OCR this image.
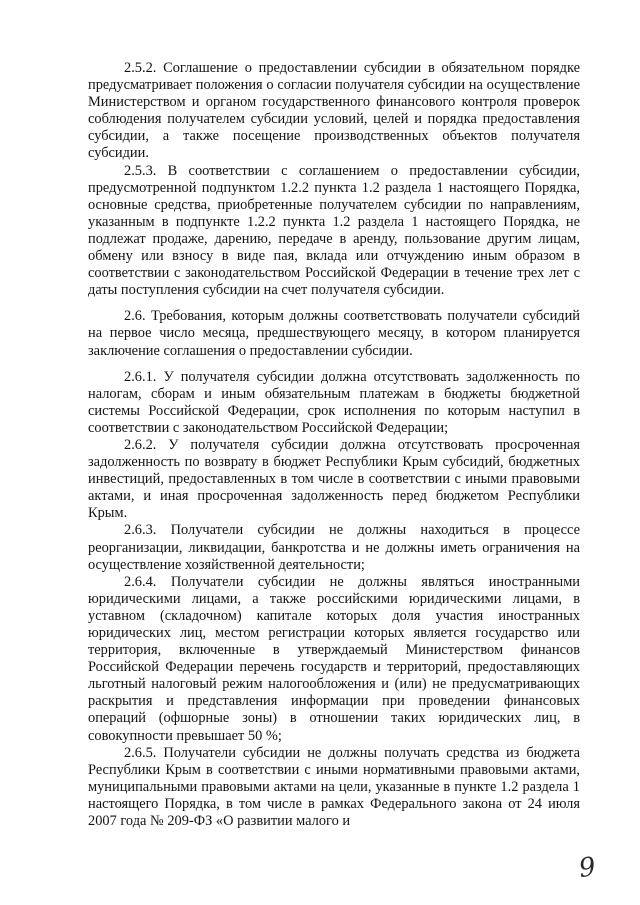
2.5.2. Соглашение о предоставлении субсидии в обязательном порядке предусматривает положения о согласии получателя субсидии на осуществление Министерством и органом государственного финансового контроля проверок соблюдения получателем субсидии условий, целей и порядка предоставления субсидии, а также посещение производственных объектов получателя субсидии.

2.5.3. В соответствии с соглашением о предоставлении субсидии, предусмотренной подпунктом 1.2.2 пункта 1.2 раздела 1 настоящего Порядка, основные средства, приобретенные получателем субсидии по направлениям, указанным в подпункте 1.2.2 пункта 1.2 раздела 1 настоящего Порядка, не подлежат продаже, дарению, передаче в аренду, пользование другим лицам, обмену или взносу в виде пая, вклада или отчуждению иным образом в соответствии с законодательством Российской Федерации в течение трех лет с даты поступления субсидии на счет получателя субсидии.

2.6. Требования, которым должны соответствовать получатели субсидий на первое число месяца, предшествующего месяцу, в котором планируется заключение соглашения о предоставлении субсидии.

2.6.1. У получателя субсидии должна отсутствовать задолженность по налогам, сборам и иным обязательным платежам в бюджеты бюджетной системы Российской Федерации, срок исполнения по которым наступил в соответствии с законодательством Российской Федерации;

2.6.2. У получателя субсидии должна отсутствовать просроченная задолженность по возврату в бюджет Республики Крым субсидий, бюджетных инвестиций, предоставленных в том числе в соответствии с иными правовыми актами, и иная просроченная задолженность перед бюджетом Республики Крым.

2.6.3. Получатели субсидии не должны находиться в процессе реорганизации, ликвидации, банкротства и не должны иметь ограничения на осуществление хозяйственной деятельности;

2.6.4. Получатели субсидии не должны являться иностранными юридическими лицами, а также российскими юридическими лицами, в уставном (складочном) капитале которых доля участия иностранных юридических лиц, местом регистрации которых является государство или территория, включенные в утверждаемый Министерством финансов Российской Федерации перечень государств и территорий, предоставляющих льготный налоговый режим налогообложения и (или) не предусматривающих раскрытия и представления информации при проведении финансовых операций (офшорные зоны) в отношении таких юридических лиц, в совокупности превышает 50 %;

2.6.5. Получатели субсидии не должны получать средства из бюджета Республики Крым в соответствии с иными нормативными правовыми актами, муниципальными правовыми актами на цели, указанные в пункте 1.2 раздела 1 настоящего Порядка, в том числе в рамках Федерального закона от 24 июля 2007 года № 209-ФЗ «О развитии малого и

9
